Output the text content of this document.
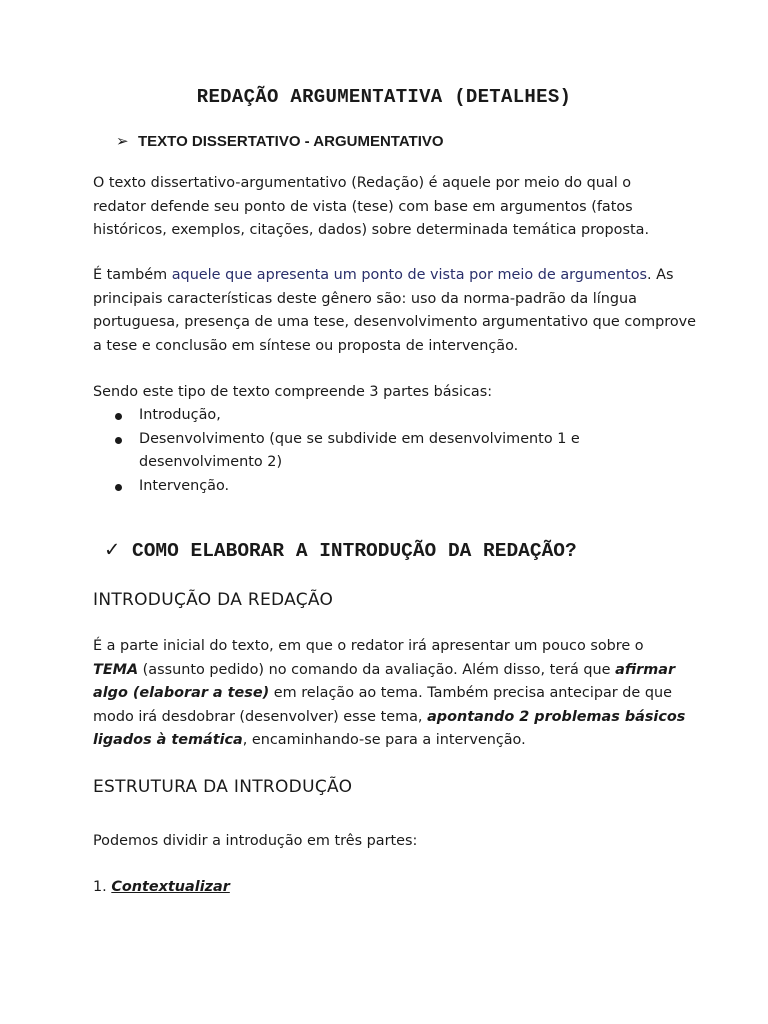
REDAÇÃO ARGUMENTATIVA (DETALHES)
➢ TEXTO DISSERTATIVO - ARGUMENTATIVO

O texto dissertativo-argumentativo (Redação) é aquele por meio do qual o
redator defende seu ponto de vista (tese) com base em argumentos (fatos
históricos, exemplos, citações, dados) sobre determinada temática proposta.

É também aquele que apresenta um ponto de vista por meio de argumentos. As
principais características deste gênero são: uso da norma-padrão da língua
portuguesa, presença de uma tese, desenvolvimento argumentativo que comprove
a tese e conclusão em síntese ou proposta de intervenção.

Sendo este tipo de texto compreende 3 partes básicas:

Introdução,
Desenvolvimento (que se subdivide em desenvolvimento 1 e
desenvolvimento 2)
Intervenção.
✓ COMO ELABORAR A INTRODUÇÃO DA REDAÇÃO?
INTRODUÇÃO DA REDAÇÃO

É a parte inicial do texto, em que o redator irá apresentar um pouco sobre o
TEMA (assunto pedido) no comando da avaliação. Além disso, terá que afirmar
algo (elaborar a tese) em relação ao tema. Também precisa antecipar de que
modo irá desdobrar (desenvolver) esse tema, apontando 2 problemas básicos
ligados à temática, encaminhando-se para a intervenção.

ESTRUTURA DA INTRODUÇÃO

Podemos dividir a introdução em três partes:

1. Contextualizar
